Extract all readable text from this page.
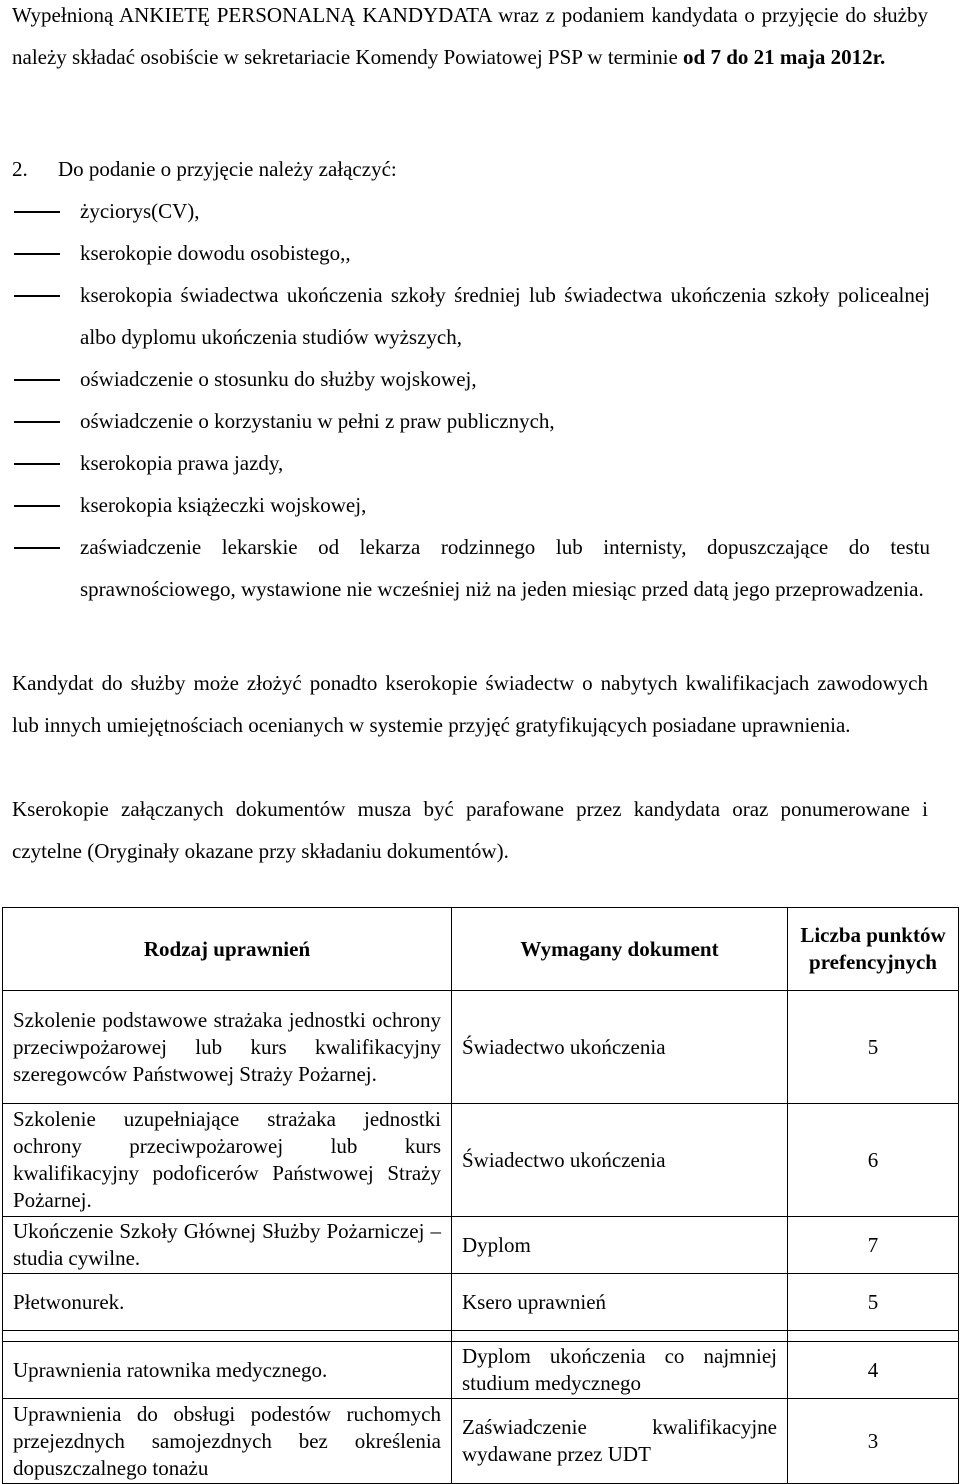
Wypełnioną ANKIETĘ PERSONALNĄ KANDYDATA wraz z podaniem kandydata o przyjęcie do służby należy składać osobiście w sekretariacie Komendy Powiatowej PSP w terminie od 7 do 21 maja 2012r.

2. Do podanie o przyjęcie należy załączyć:
życiorys(CV),
kserokopie dowodu osobistego,,
kserokopia świadectwa ukończenia szkoły średniej lub świadectwa ukończenia szkoły policealnej albo dyplomu ukończenia studiów wyższych,
oświadczenie o stosunku do służby wojskowej,
oświadczenie o korzystaniu w pełni z praw publicznych,
kserokopia prawa jazdy,
kserokopia książeczki wojskowej,
zaświadczenie lekarskie od lekarza rodzinnego lub internisty, dopuszczające do testu sprawnościowego, wystawione nie wcześniej niż na jeden miesiąc przed datą jego przeprowadzenia.

Kandydat do służby może złożyć ponadto kserokopie świadectw o nabytych kwalifikacjach zawodowych lub innych umiejętnościach ocenianych w systemie przyjęć gratyfikujących posiadane uprawnienia.

Kserokopie załączanych dokumentów musza być parafowane przez kandydata oraz ponumerowane i czytelne (Oryginały okazane przy składaniu dokumentów).

Rodzaj uprawnień	Wymagany dokument	Liczba punktów prefencyjnych
Szkolenie podstawowe strażaka jednostki ochrony przeciwpożarowej lub kurs kwalifikacyjny szeregowców Państwowej Straży Pożarnej.	Świadectwo ukończenia	5
Szkolenie uzupełniające strażaka jednostki ochrony przeciwpożarowej lub kurs kwalifikacyjny podoficerów Państwowej Straży Pożarnej.	Świadectwo ukończenia	6
Ukończenie Szkoły Głównej Służby Pożarniczej – studia cywilne.	Dyplom	7
Płetwonurek.	Ksero uprawnień	5

Uprawnienia ratownika medycznego.	Dyplom ukończenia co najmniej studium medycznego	4
Uprawnienia do obsługi podestów ruchomych przejezdnych samojezdnych bez określenia dopuszczalnego tonażu	Zaświadczenie kwalifikacyjne wydawane przez UDT	3
